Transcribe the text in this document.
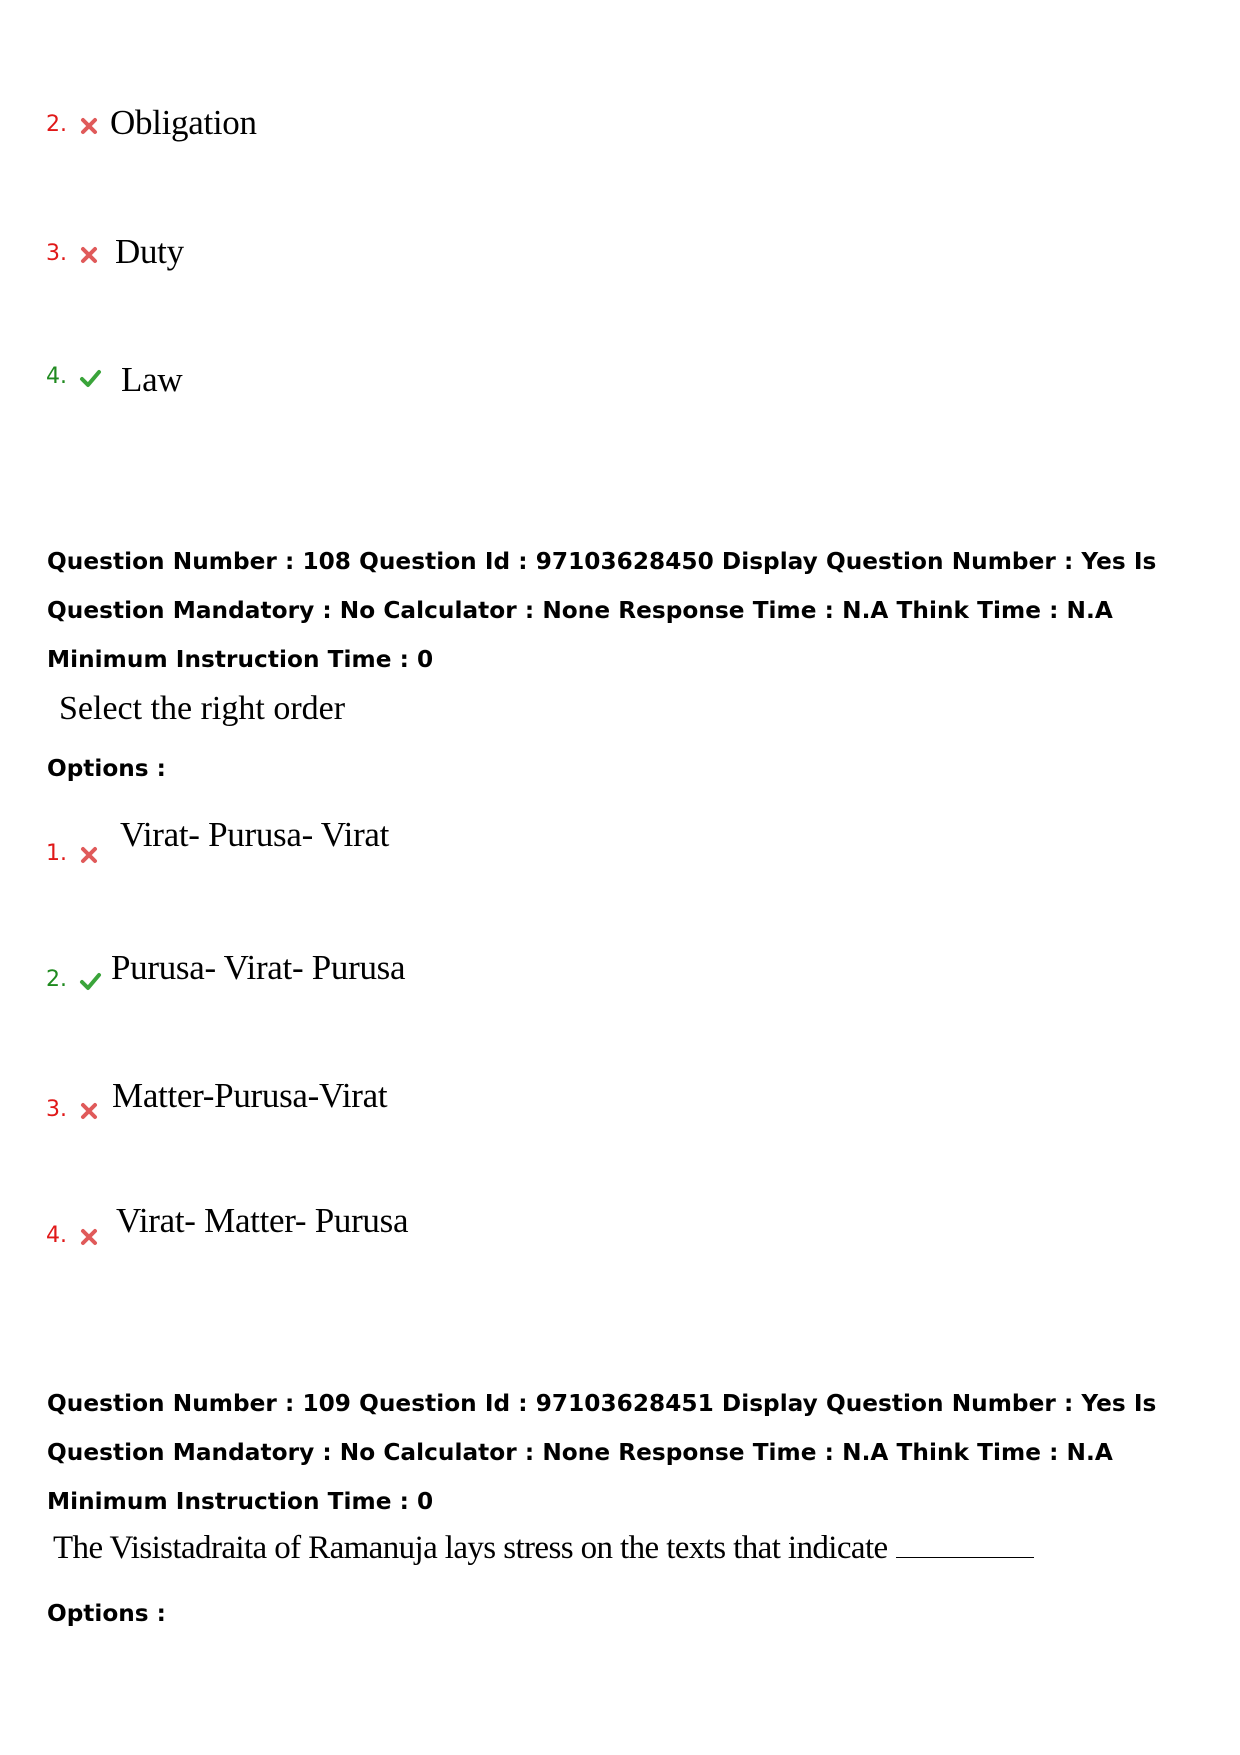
2. Obligation
3. Duty
4. Law
Question Number : 108 Question Id : 97103628450 Display Question Number : Yes Is Question Mandatory : No Calculator : None Response Time : N.A Think Time : N.A Minimum Instruction Time : 0
Select the right order
Options :
1. Virat- Purusa- Virat
2. Purusa- Virat- Purusa
3. Matter-Purusa-Virat
4. Virat- Matter- Purusa
Question Number : 109 Question Id : 97103628451 Display Question Number : Yes Is Question Mandatory : No Calculator : None Response Time : N.A Think Time : N.A Minimum Instruction Time : 0
The Visistadraita of Ramanuja lays stress on the texts that indicate
Options :
